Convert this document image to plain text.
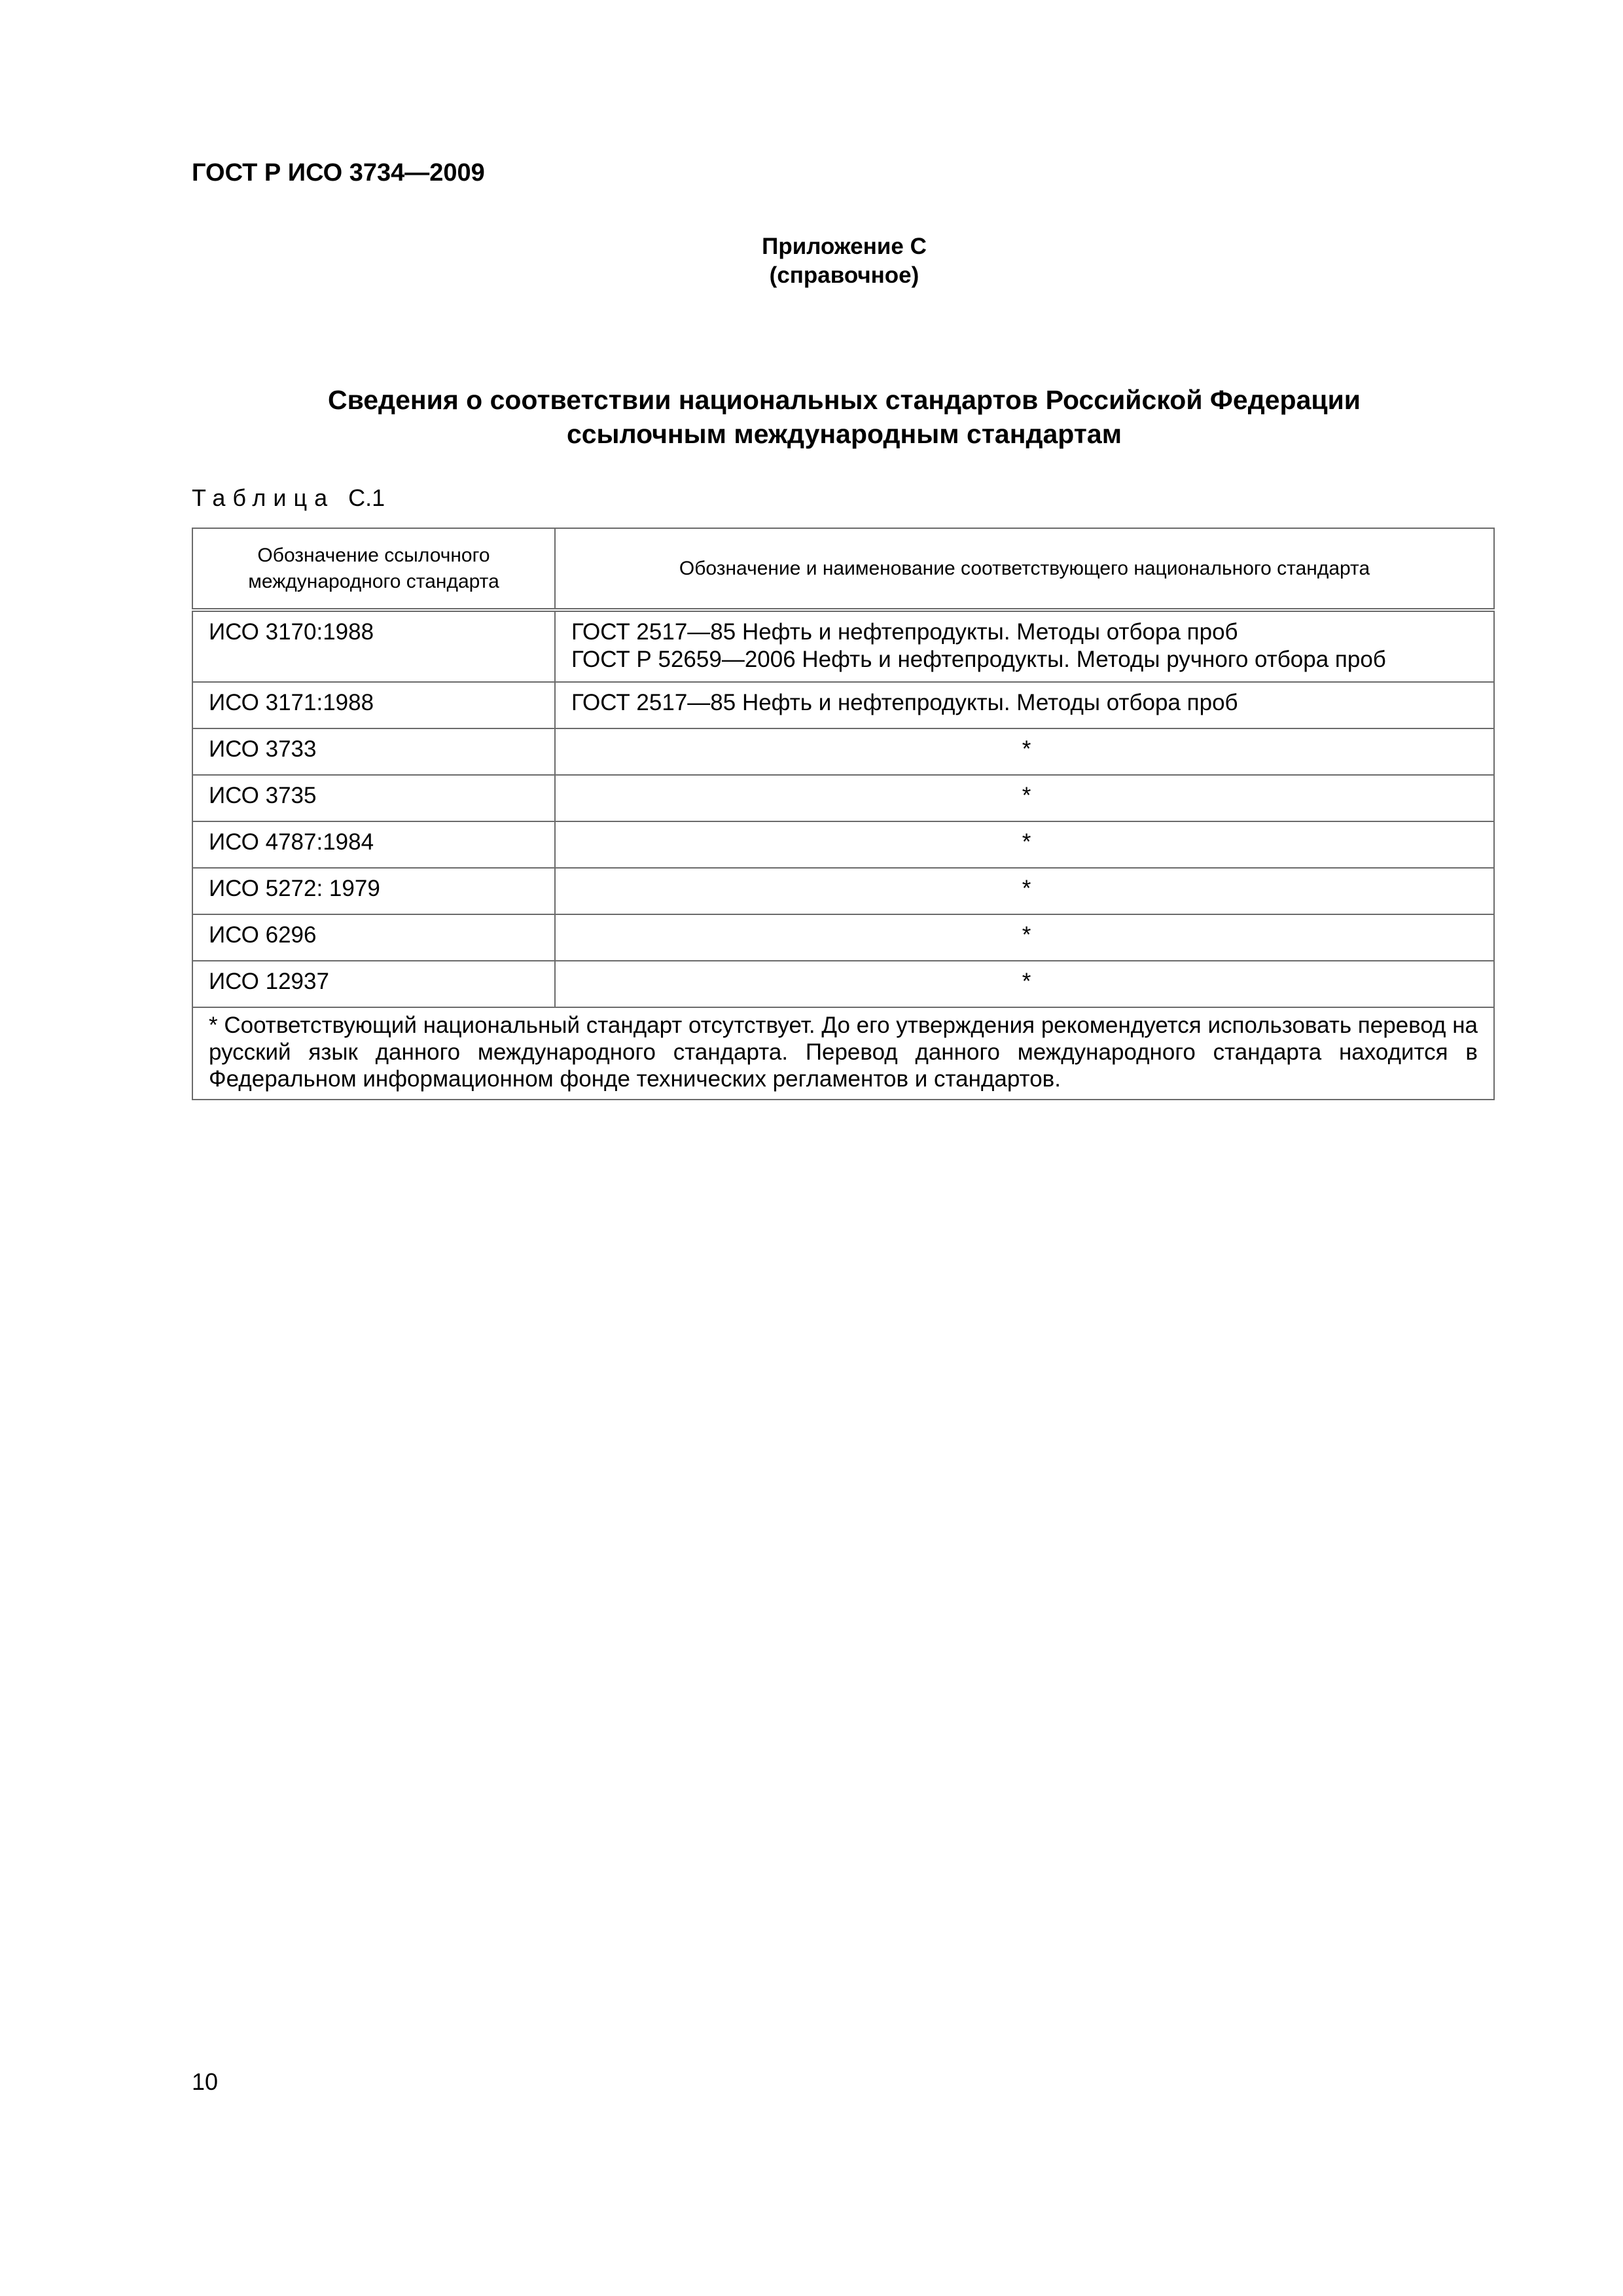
ГОСТ Р ИСО 3734—2009
Приложение С
(справочное)
Сведения о соответствии национальных стандартов Российской Федерации
ссылочным международным стандартам
Таблица С.1
Обозначение ссылочного международного стандарта	Обозначение и наименование соответствующего национального стандарта
ИСО 3170:1988	ГОСТ 2517—85 Нефть и нефтепродукты. Методы отбора проб
ГОСТ Р 52659—2006 Нефть и нефтепродукты. Методы ручного отбора проб

ИСО 3171:1988	ГОСТ 2517—85 Нефть и нефтепродукты. Методы отбора проб

ИСО 3733	*
ИСО 3735	*
ИСО 4787:1984	*
ИСО 5272: 1979	*
ИСО 6296	*
ИСО 12937	*
* Соответствующий национальный стандарт отсутствует. До его утверждения рекомендуется использовать перевод на русский язык данного международного стандарта. Перевод данного международного стандарта находится в Федеральном информационном фонде технических регламентов и стандартов.	
10
